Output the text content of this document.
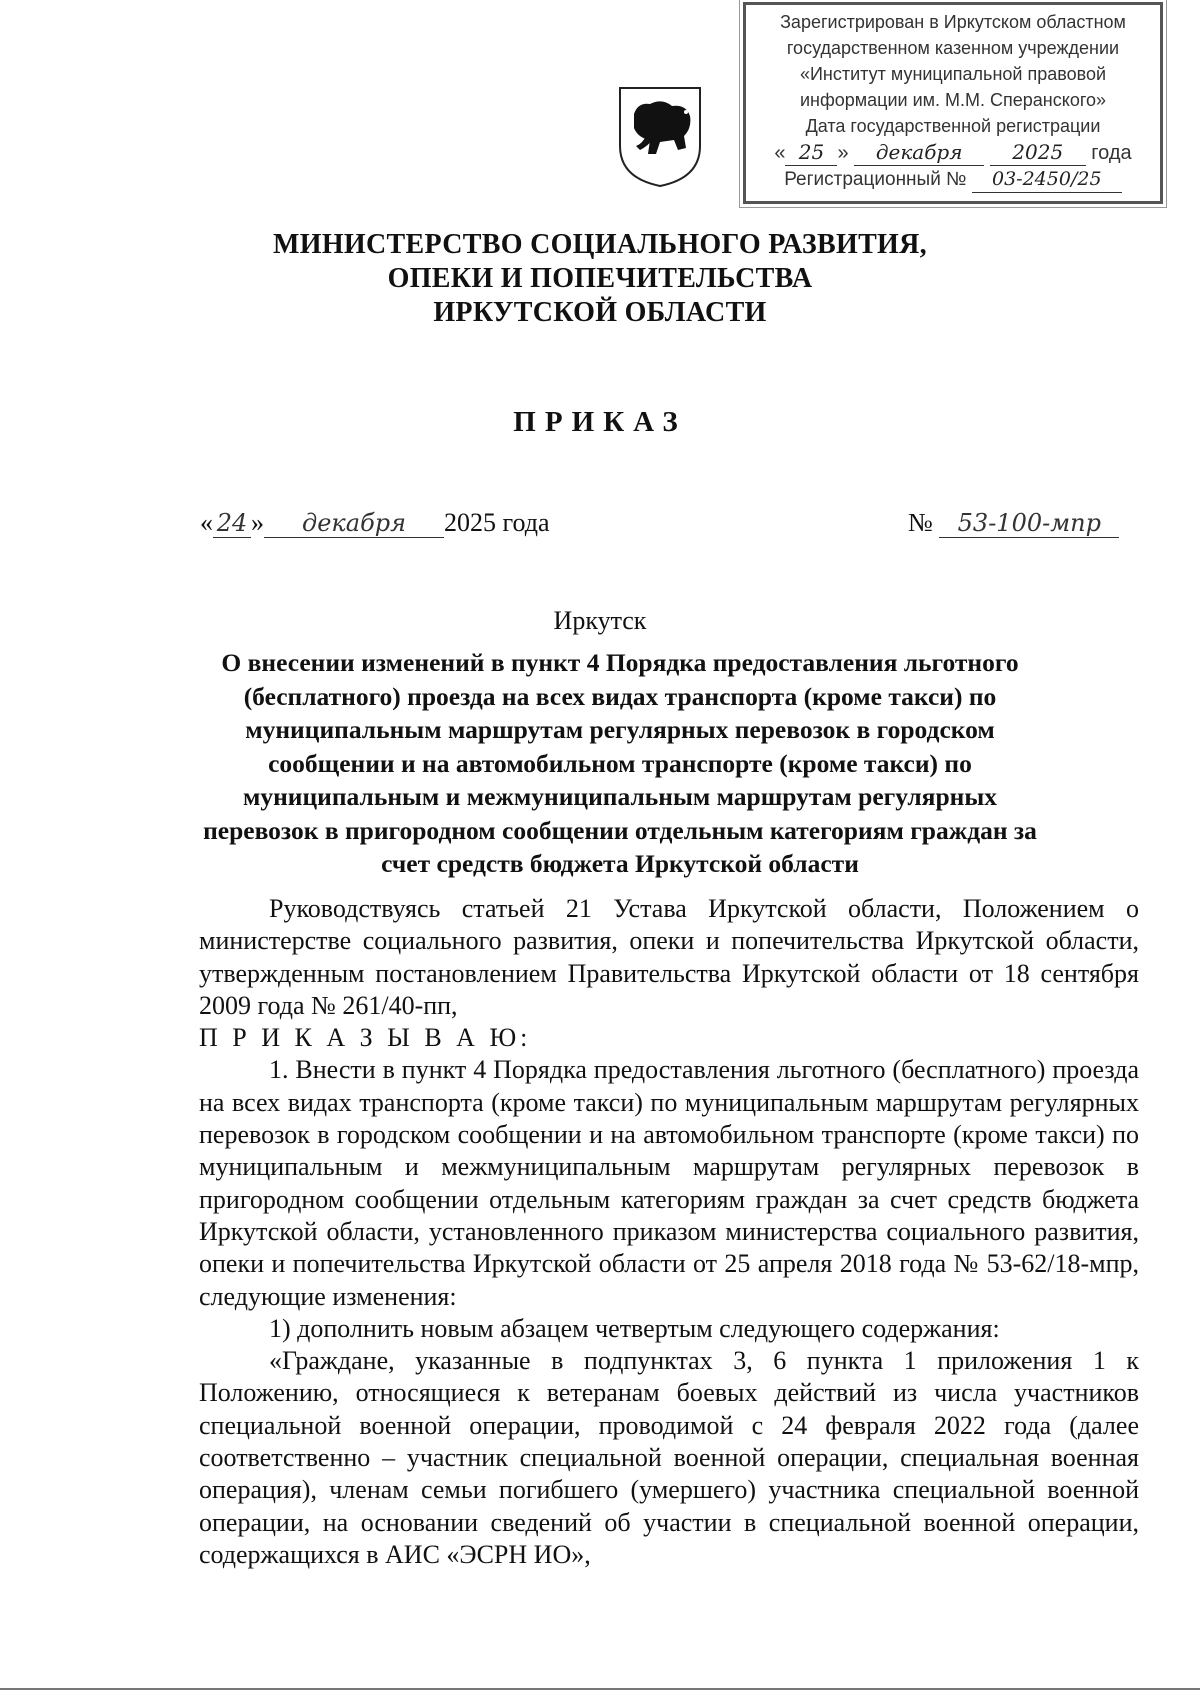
Зарегистрирован в Иркутском областном
государственном казенном учреждении
«Институт муниципальной правовой
информации им. М.М. Сперанского»
Дата государственной регистрации
« 25 » декабря 2025 года
Регистрационный № 03-2450/25
МИНИСТЕРСТВО СОЦИАЛЬНОГО РАЗВИТИЯ,
ОПЕКИ И ПОПЕЧИТЕЛЬСТВА
ИРКУТСКОЙ ОБЛАСТИ
ПРИКАЗ
« 24 » декабря 2025 года	№ 53-100-мпр
Иркутск
О внесении изменений в пункт 4 Порядка предоставления льготного (бесплатного) проезда на всех видах транспорта (кроме такси) по муниципальным маршрутам регулярных перевозок в городском сообщении и на автомобильном транспорте (кроме такси) по муниципальным и межмуниципальным маршрутам регулярных перевозок в пригородном сообщении отдельным категориям граждан за счет средств бюджета Иркутской области

Руководствуясь статьей 21 Устава Иркутской области, Положением о министерстве социального развития, опеки и попечительства Иркутской области, утвержденным постановлением Правительства Иркутской области от 18 сентября 2009 года № 261/40-пп,

П Р И К А З Ы В А Ю:

1. Внести в пункт 4 Порядка предоставления льготного (бесплатного) проезда на всех видах транспорта (кроме такси) по муниципальным маршрутам регулярных перевозок в городском сообщении и на автомобильном транспорте (кроме такси) по муниципальным и межмуниципальным маршрутам регулярных перевозок в пригородном сообщении отдельным категориям граждан за счет средств бюджета Иркутской области, установленного приказом министерства социального развития, опеки и попечительства Иркутской области от 25 апреля 2018 года № 53-62/18-мпр, следующие изменения:

1) дополнить новым абзацем четвертым следующего содержания:

«Граждане, указанные в подпунктах 3, 6 пункта 1 приложения 1 к Положению, относящиеся к ветеранам боевых действий из числа участников специальной военной операции, проводимой с 24 февраля 2022 года (далее соответственно – участник специальной военной операции, специальная военная операция), членам семьи погибшего (умершего) участника специальной военной операции, на основании сведений об участии в специальной военной операции, содержащихся в АИС «ЭСРН ИО»,
